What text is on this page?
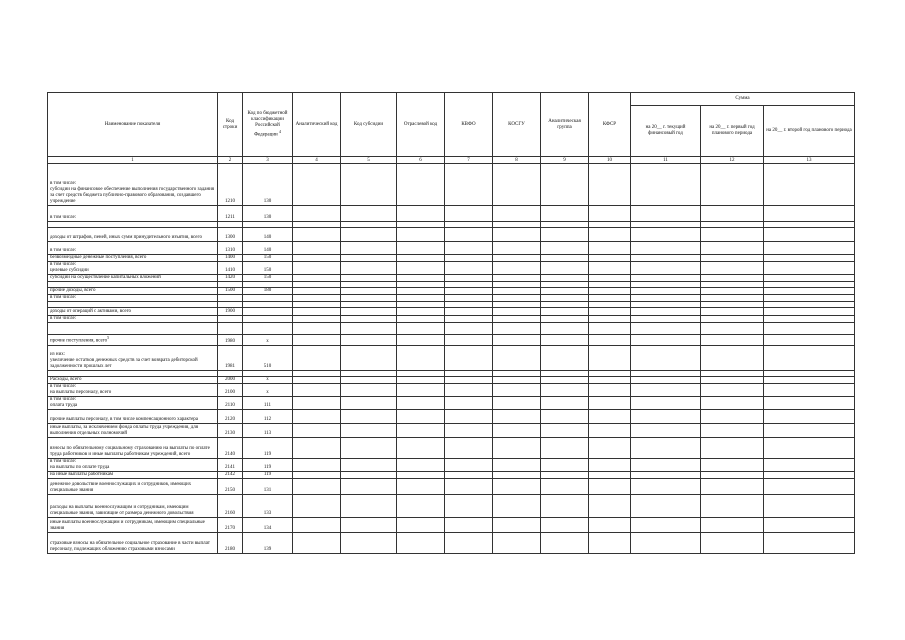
Наименование показателя	Код строки	Код по бюджетной классификации Российской Федерации $^4$	Аналитический код	Код субсидии	Отраслевой код	КВФО	КОСГУ	Аналитическая группа	КФСР	Сумма		
										на 20__ г. текущий финансовый год	на 20__ г. первый год планового периода	на 20__ г. второй год планового периода
1	2	3	4	5	6	7	8	9	10	11	12	13
в том числе:
субсидии на финансовое обеспечение выполнения государственного задания за счет средств бюджета публично-правового образования, создавшего учреждение	1210	130										
в том числе:	1211	130										

доходы от штрафов, пеней, иных сумм принудительного изъятия, всего	1300	140										
в том числе:	1310	140										
безвозмездные денежные поступления, всего	1400	150										
в том числе:
целевые субсидии	1410	150										
субсидии на осуществление капитальных вложений	1420	150										

прочие доходы, всего	1500	180										
в том числе:												

доходы от операций с активами, всего	1900											
в том числе:												

прочие поступления, всего$^5$	1980	х										
из них:
увеличение остатков денежных средств за счет возврата дебиторской задолженности прошлых лет	1981	510										

Расходы, всего	2000	х										
в том числе:
на выплаты персоналу, всего	2100	х										
в том числе:
оплата труда	2110	111										
прочие выплаты персоналу, в том числе компенсационного характера	2120	112										
иные выплаты, за исключением фонда оплаты труда учреждения, для выполнения отдельных полномочий	2130	113										
взносы по обязательному социальному страхованию на выплаты по оплате труда работников и иные выплаты работникам учреждений, всего	2140	119										
в том числе:
на выплаты по оплате труда	2141	119										
на иные выплаты работникам	2142	119										
денежное довольствие военнослужащих и сотрудников, имеющих специальные звания	2150	131										
расходы на выплаты военнослужащим и сотрудникам, имеющим специальные звания, зависящие от размера денежного довольствия	2160	133										
иные выплаты военнослужащим и сотрудникам, имеющим специальные звания	2170	134										
страховые взносы на обязательное социальное страхование в части выплат персоналу, подлежащих обложению страховыми взносами	2180	139										
